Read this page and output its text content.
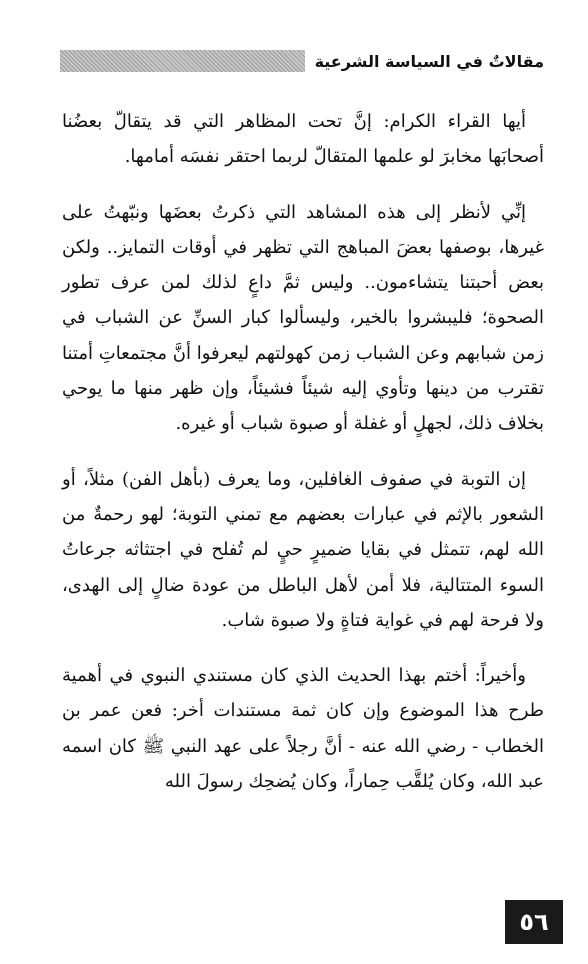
مقالاتٌ في السياسة الشرعية

أيها القراء الكرام: إنَّ تحت المظاهر التي قد يتقالّ بعضُنا أصحابَها مخابرَ لو علمها المتقالّ لربما احتقر نفسَه أمامها.

إنِّي لأنظر إلى هذه المشاهد التي ذكرتُ بعضَها ونبّهتُ على غيرها، بوصفها بعضَ المباهج التي تظهر في أوقات التمايز.. ولكن بعض أحبتنا يتشاءمون.. وليس ثمَّ داعٍ لذلك لمن عرف تطور الصحوة؛ فليبشروا بالخير، وليسألوا كبار السنِّ عن الشباب في زمن شبابهم وعن الشباب زمن كهولتهم ليعرفوا أنَّ مجتمعاتِ أمتنا تقترب من دينها وتأوي إليه شيئاً فشيئاً، وإن ظهر منها ما يوحي بخلاف ذلك، لجهلٍ أو غفلة أو صبوة شباب أو غيره.

إن التوبة في صفوف الغافلين، وما يعرف (بأهل الفن) مثلاً، أو الشعور بالإثم في عبارات بعضهم مع تمني التوبة؛ لهو رحمةٌ من الله لهم، تتمثل في بقايا ضميرٍ حيٍ لم تُفلح في اجتثاثه جرعاتُ السوء المتتالية، فلا أمن لأهل الباطل من عودة ضالٍ إلى الهدى، ولا فرحة لهم في غواية فتاةٍ ولا صبوة شاب.

وأخيراً: أختم بهذا الحديث الذي كان مستندي النبوي في أهمية طرح هذا الموضوع وإن كان ثمة مستندات أخر: فعن عمر بن الخطاب - رضي الله عنه - أنَّ رجلاً على عهد النبي ﷺ كان اسمه عبد الله، وكان يُلقَّب حِماراً، وكان يُضحِك رسولَ الله

٥٦
